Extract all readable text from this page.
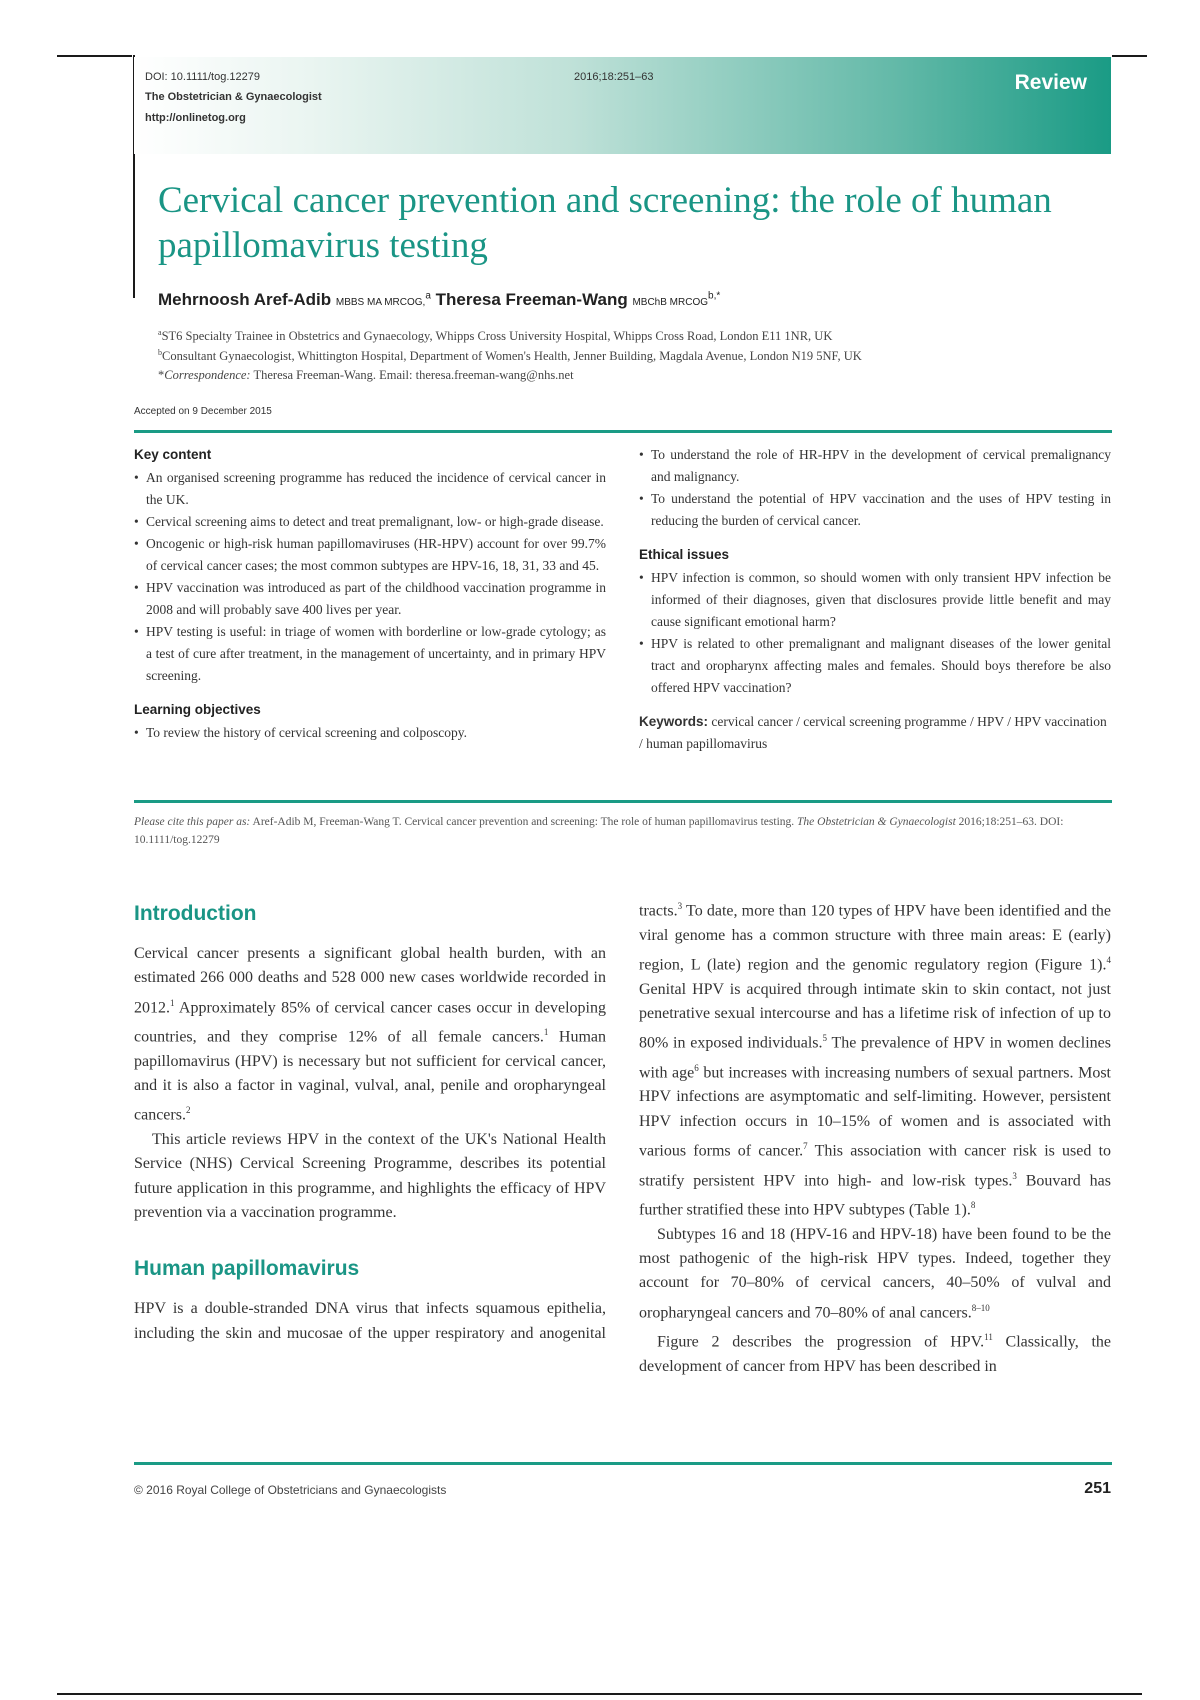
DOI: 10.1111/tog.12279
The Obstetrician & Gynaecologist
http://onlinetog.org
2016;18:251–63	Review
Cervical cancer prevention and screening: the role of human papillomavirus testing
Mehrnoosh Aref-Adib MBBS MA MRCOG,$^a$ Theresa Freeman-Wang MBChB $MRCOG^{b,*}$
$^a$ST6 Specialty Trainee in Obstetrics and Gynaecology, Whipps Cross University Hospital, Whipps Cross Road, London E11 1NR, UK
$^b$Consultant Gynaecologist, Whittington Hospital, Department of Women's Health, Jenner Building, Magdala Avenue, London N19 5NF, UK
*Correspondence: Theresa Freeman-Wang. Email: theresa.freeman-wang@nhs.net
Accepted on 9 December 2015
Key content
• An organised screening programme has reduced the incidence of cervical cancer in the UK.
• Cervical screening aims to detect and treat premalignant, low- or high-grade disease.
• Oncogenic or high-risk human papillomaviruses (HR-HPV) account for over 99.7% of cervical cancer cases; the most common subtypes are HPV-16, 18, 31, 33 and 45.
• HPV vaccination was introduced as part of the childhood vaccination programme in 2008 and will probably save 400 lives per year.
• HPV testing is useful: in triage of women with borderline or low-grade cytology; as a test of cure after treatment, in the management of uncertainty, and in primary HPV screening.
Learning objectives
• To review the history of cervical screening and colposcopy.
• To understand the role of HR-HPV in the development of cervical premalignancy and malignancy.
• To understand the potential of HPV vaccination and the uses of HPV testing in reducing the burden of cervical cancer.
Ethical issues
• HPV infection is common, so should women with only transient HPV infection be informed of their diagnoses, given that disclosures provide little benefit and may cause significant emotional harm?
• HPV is related to other premalignant and malignant diseases of the lower genital tract and oropharynx affecting males and females. Should boys therefore be also offered HPV vaccination?
Keywords: cervical cancer / cervical screening programme / HPV / HPV vaccination / human papillomavirus
Please cite this paper as: Aref-Adib M, Freeman-Wang T. Cervical cancer prevention and screening: The role of human papillomavirus testing. The Obstetrician & Gynaecologist 2016;18:251–63. DOI: 10.1111/tog.12279
Introduction

Cervical cancer presents a significant global health burden, with an estimated 266 000 deaths and 528 000 new cases worldwide recorded in 2012.$^1$ Approximately 85% of cervical cancer cases occur in developing countries, and they comprise 12% of all female cancers.$^1$ Human papillomavirus (HPV) is necessary but not sufficient for cervical cancer, and it is also a factor in vaginal, vulval, anal, penile and oropharyngeal cancers.$^2$

This article reviews HPV in the context of the UK's National Health Service (NHS) Cervical Screening Programme, describes its potential future application in this programme, and highlights the efficacy of HPV prevention via a vaccination programme.

Human papillomavirus

HPV is a double-stranded DNA virus that infects squamous epithelia, including the skin and mucosae of the upper respiratory and anogenital

tracts.$^3$ To date, more than 120 types of HPV have been identified and the viral genome has a common structure with three main areas: E (early) region, L (late) region and the genomic regulatory region (Figure 1).$^4$ Genital HPV is acquired through intimate skin to skin contact, not just penetrative sexual intercourse and has a lifetime risk of infection of up to 80% in exposed individuals.$^5$ The prevalence of HPV in women declines with age$^6$ but increases with increasing numbers of sexual partners. Most HPV infections are asymptomatic and self-limiting. However, persistent HPV infection occurs in 10–15% of women and is associated with various forms of cancer.$^7$ This association with cancer risk is used to stratify persistent HPV into high- and low-risk types.$^3$ Bouvard has further stratified these into HPV subtypes (Table 1).$^8$

Subtypes 16 and 18 (HPV-16 and HPV-18) have been found to be the most pathogenic of the high-risk HPV types. Indeed, together they account for 70–80% of cervical cancers, 40–50% of vulval and oropharyngeal cancers and 70–80% of anal cancers.$^{8-10}$

Figure 2 describes the progression of HPV.$^{11}$ Classically, the development of cancer from HPV has been described in

© 2016 Royal College of Obstetricians and Gynaecologists	251
